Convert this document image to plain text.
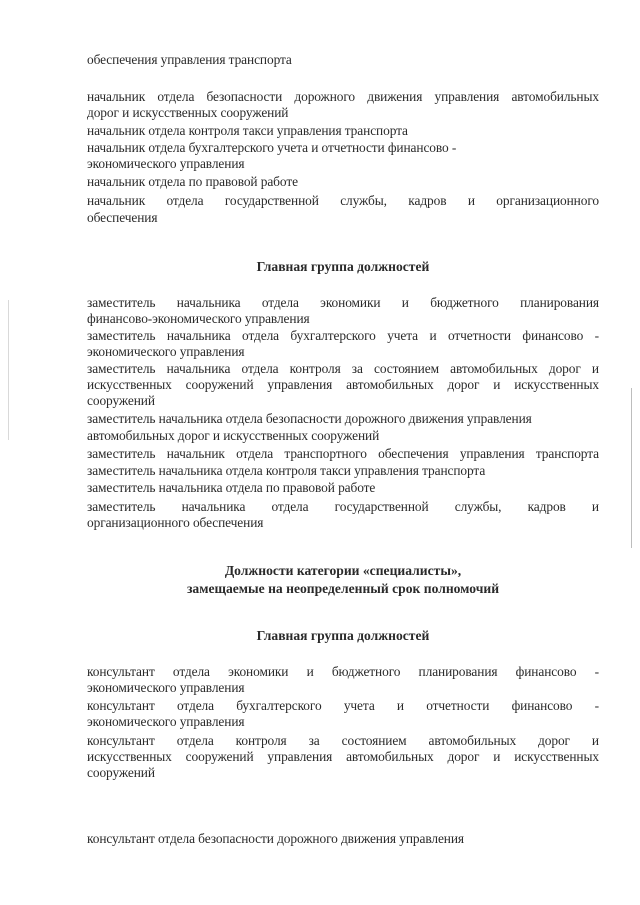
обеспечения управления транспорта
начальник отдела безопасности дорожного движения управления автомобильных
дорог и искусственных сооружений
начальник отдела контроля такси управления транспорта
начальник отдела бухгалтерского учета и отчетности финансово -
экономического управления
начальник отдела по правовой работе
начальник отдела государственной службы, кадров и организационного
обеспечения
Главная группа должностей
заместитель начальника отдела экономики и бюджетного планирования
финансово-экономического управления
заместитель начальника отдела бухгалтерского учета и отчетности финансово -
экономического управления
заместитель начальника отдела контроля за состоянием автомобильных дорог и
искусственных сооружений управления автомобильных дорог и искусственных
сооружений
заместитель начальника отдела безопасности дорожного движения управления
автомобильных дорог и искусственных сооружений
заместитель начальник отдела транспортного обеспечения управления транспорта
заместитель начальника отдела контроля такси управления транспорта
заместитель начальника отдела по правовой работе
заместитель начальника отдела государственной службы, кадров и
организационного обеспечения
Должности категории «специалисты»,
замещаемые на неопределенный срок полномочий
Главная группа должностей
консультант отдела экономики и бюджетного планирования финансово -
экономического управления
консультант отдела бухгалтерского учета и отчетности финансово -
экономического управления
консультант отдела контроля за состоянием автомобильных дорог и
искусственных сооружений управления автомобильных дорог и искусственных
сооружений
консультант отдела безопасности дорожного движения управления
